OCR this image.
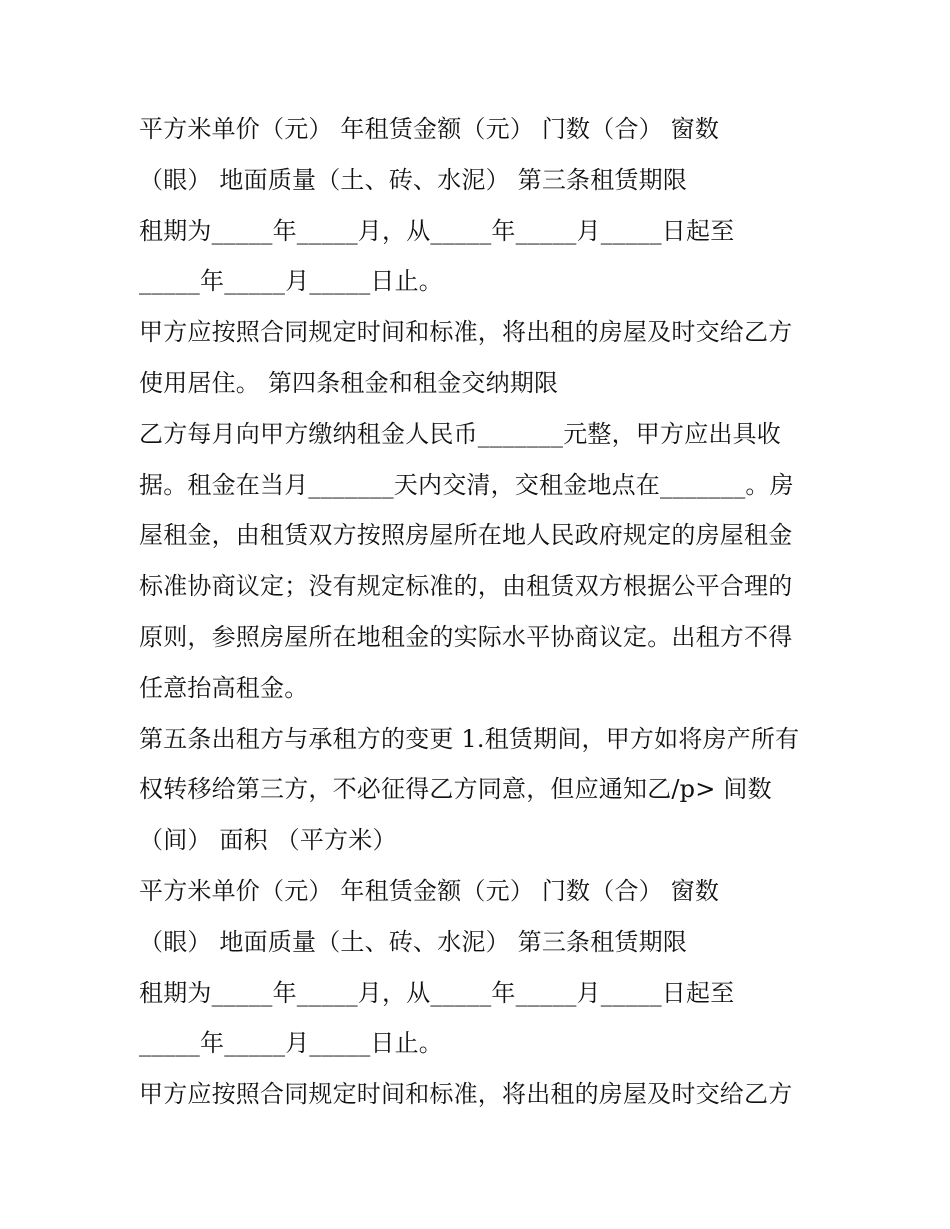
平方米单价（元） 年租赁金额（元） 门数（合） 窗数
（眼） 地面质量（土、砖、水泥） 第三条租赁期限
租期为_____年_____月，从_____年_____月_____日起至
_____年_____月_____日止。
甲方应按照合同规定时间和标准，将出租的房屋及时交给乙方
使用居住。 第四条租金和租金交纳期限
乙方每月向甲方缴纳租金人民币_______元整，甲方应出具收
据。租金在当月_______天内交清，交租金地点在_______。房
屋租金，由租赁双方按照房屋所在地人民政府规定的房屋租金
标准协商议定；没有规定标准的，由租赁双方根据公平合理的
原则，参照房屋所在地租金的实际水平协商议定。出租方不得
任意抬高租金。
第五条出租方与承租方的变更 1.租赁期间，甲方如将房产所有
权转移给第三方，不必征得乙方同意，但应通知乙/p> 间数
（间） 面积 （平方米）
平方米单价（元） 年租赁金额（元） 门数（合） 窗数
（眼） 地面质量（土、砖、水泥） 第三条租赁期限
租期为_____年_____月，从_____年_____月_____日起至
_____年_____月_____日止。
甲方应按照合同规定时间和标准，将出租的房屋及时交给乙方
